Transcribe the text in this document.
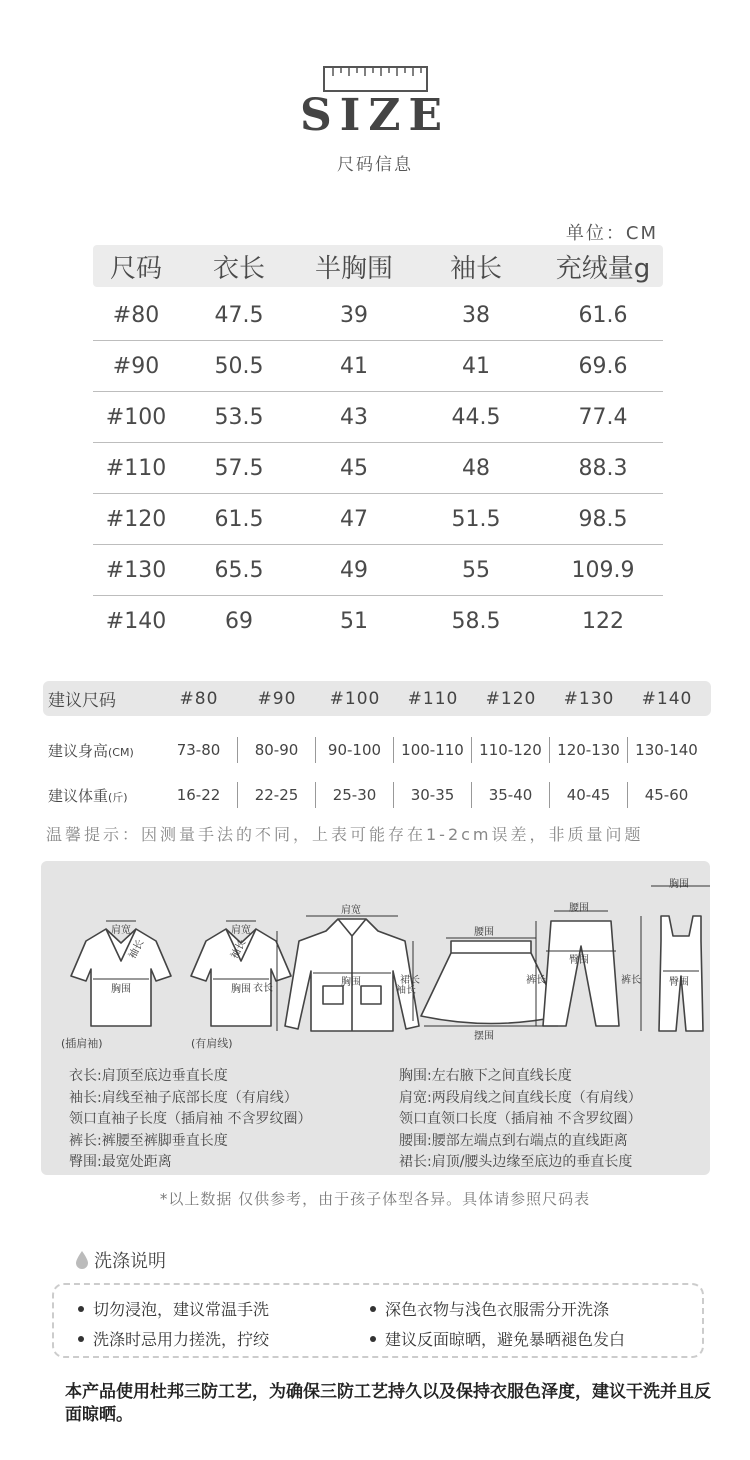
SIZE
尺码信息
单位：CM
尺码	衣长	半胸围	袖长	充绒量g
#80	47.5	39	38	61.6
#90	50.5	41	41	69.6
#100	53.5	43	44.5	77.4
#110	57.5	45	48	88.3
#120	61.5	47	51.5	98.5
#130	65.5	49	55	109.9
#140	69	51	58.5	122
建议尺码	#80	#90	#100	#110	#120	#130	#140
建议身高(CM)	73-80	80-90	90-100	100-110	110-120	120-130	130-140
建议体重(斤)	16-22	22-25	25-30	30-35	35-40	40-45	45-60
温馨提示：因测量手法的不同，上表可能存在1-2cm误差，非质量问题
肩宽	肩宽
袖长	袖长
胸围	胸围
肩宽
胸围
衣长	袖长
腰围
裙长
摆围
腰围
臀围
裤长
胸围
裤长	臀围
(插肩袖)	(有肩线)
衣长:肩顶至底边垂直长度
袖长:肩线至袖子底部长度（有肩线）
领口直袖子长度（插肩袖 不含罗纹圈）
裤长:裤腰至裤脚垂直长度
臀围:最宽处距离
胸围:左右腋下之间直线长度
肩宽:两段肩线之间直线长度（有肩线）
领口直领口长度（插肩袖 不含罗纹圈）
腰围:腰部左端点到右端点的直线距离
裙长:肩顶/腰头边缘至底边的垂直长度
*以上数据 仅供参考，由于孩子体型各异。具体请参照尺码表
洗涤说明
切勿浸泡，建议常温手洗	深色衣物与浅色衣服需分开洗涤
洗涤时忌用力搓洗，拧绞	建议反面晾晒，避免暴晒褪色发白
本产品使用杜邦三防工艺，为确保三防工艺持久以及保持衣服色泽度，建议干洗并且反面晾晒。
